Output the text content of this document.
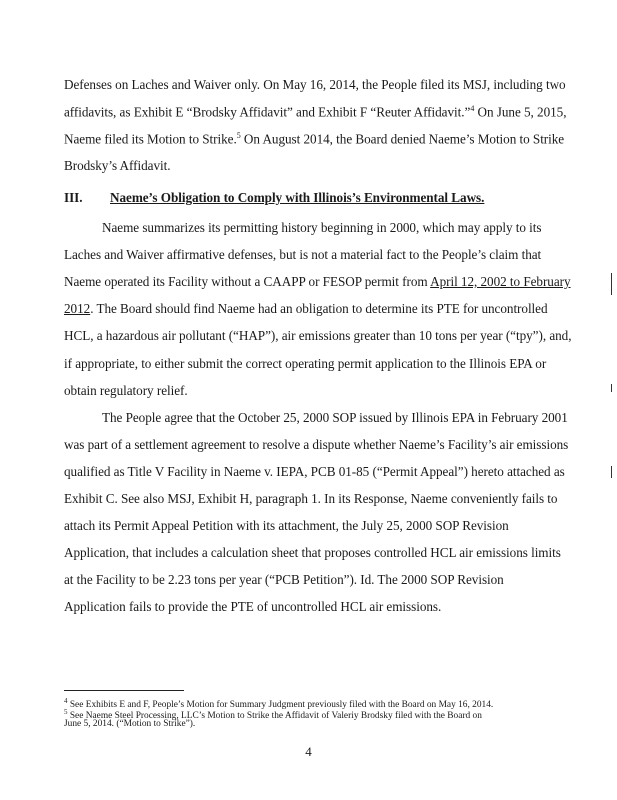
Defenses on Laches and Waiver only. On May 16, 2014, the People filed its MSJ, including two
affidavits, as Exhibit E “Brodsky Affidavit” and Exhibit F “Reuter Affidavit.”$^4$ On June 5, 2015,
Naeme filed its Motion to Strike.$^5$ On August 2014, the Board denied Naeme’s Motion to Strike
Brodsky’s Affidavit.
III. Naeme’s Obligation to Comply with Illinois’s Environmental Laws.
Naeme summarizes its permitting history beginning in 2000, which may apply to its
Laches and Waiver affirmative defenses, but is not a material fact to the People’s claim that
Naeme operated its Facility without a CAAPP or FESOP permit from April 12, 2002 to February
2012. The Board should find Naeme had an obligation to determine its PTE for uncontrolled
HCL, a hazardous air pollutant (“HAP”), air emissions greater than 10 tons per year (“tpy”), and,
if appropriate, to either submit the correct operating permit application to the Illinois EPA or
obtain regulatory relief.
The People agree that the October 25, 2000 SOP issued by Illinois EPA in February 2001
was part of a settlement agreement to resolve a dispute whether Naeme’s Facility’s air emissions
qualified as Title V Facility in Naeme v. IEPA, PCB 01-85 (“Permit Appeal”) hereto attached as
Exhibit C. See also MSJ, Exhibit H, paragraph 1. In its Response, Naeme conveniently fails to
attach its Permit Appeal Petition with its attachment, the July 25, 2000 SOP Revision
Application, that includes a calculation sheet that proposes controlled HCL air emissions limits
at the Facility to be 2.23 tons per year (“PCB Petition”). Id. The 2000 SOP Revision
Application fails to provide the PTE of uncontrolled HCL air emissions.
$^4$ See Exhibits E and F, People’s Motion for Summary Judgment previously filed with the Board on May 16, 2014.
$^5$ See Naeme Steel Processing, LLC’s Motion to Strike the Affidavit of Valeriy Brodsky filed with the Board on
June 5, 2014. (“Motion to Strike”).
4
